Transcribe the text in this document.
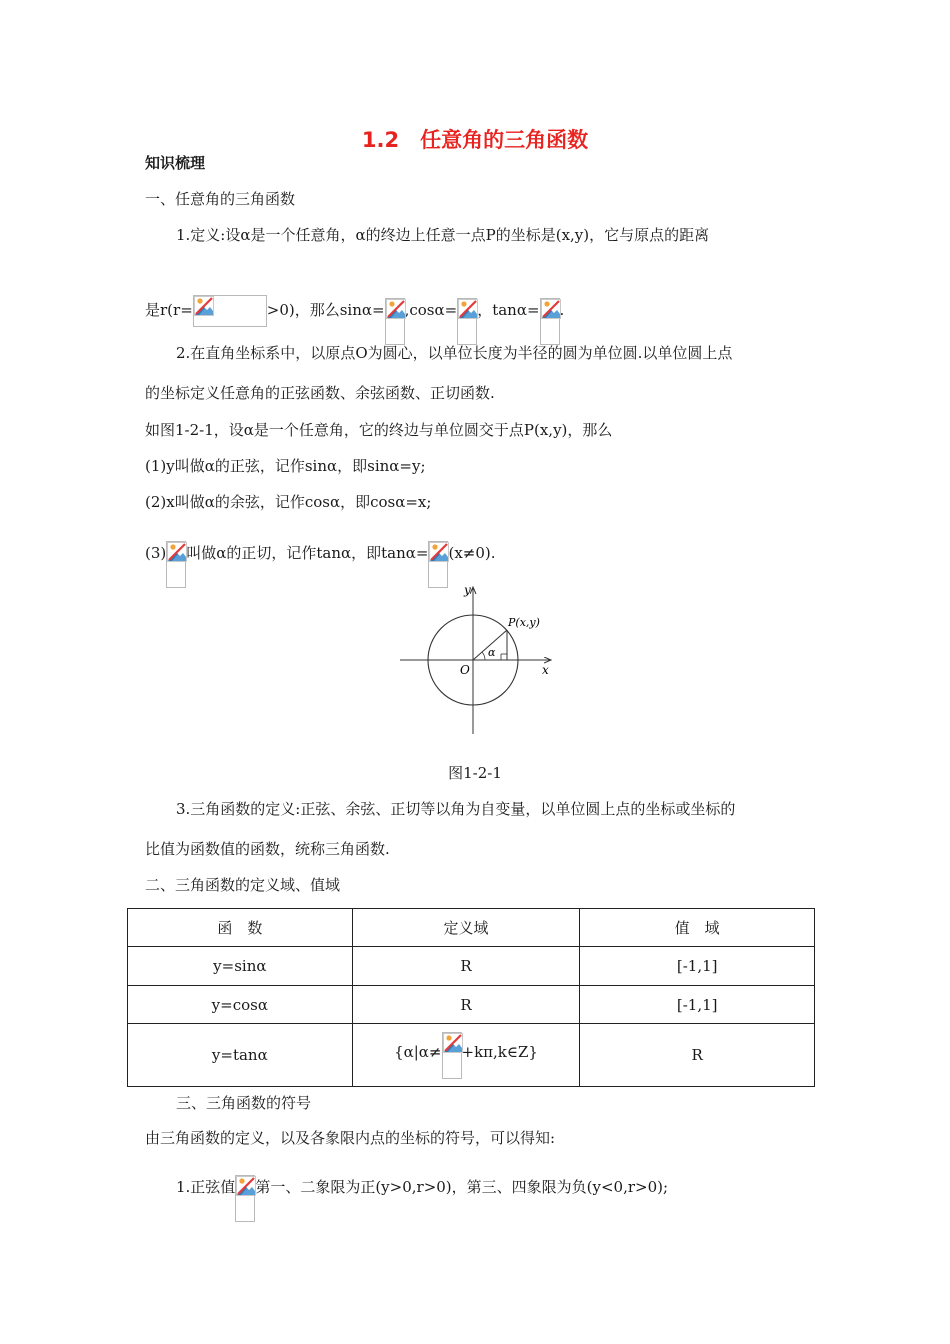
1.2　任意角的三角函数
知识梳理
一、任意角的三角函数
1.定义:设α是一个任意角，α的终边上任意一点P的坐标是(x,y)，它与原点的距离
是r(r=	>0)，那么sinα= ,cosα= ，tanα= .
2.在直角坐标系中，以原点O为圆心，以单位长度为半径的圆为单位圆.以单位圆上点
的坐标定义任意角的正弦函数、余弦函数、正切函数.
如图1-2-1，设α是一个任意角，它的终边与单位圆交于点P(x,y)，那么
(1)y叫做α的正弦，记作sinα，即sinα=y;
(2)x叫做α的余弦，记作cosα，即cosα=x;
(3) 叫做α的正切，记作tanα，即tanα= (x≠0).
y
x
O
P(x,y)
α
图1-2-1
3.三角函数的定义:正弦、余弦、正切等以角为自变量，以单位圆上点的坐标或坐标的
比值为函数值的函数，统称三角函数.
二、三角函数的定义域、值域
函　数	定义域	值　域
y=sinα	R	[-1,1]
y=cosα	R	[-1,1]
y=tanα	{α|α≠ +kπ,k∈Z}	R
三、三角函数的符号
由三角函数的定义，以及各象限内点的坐标的符号，可以得知:
1.正弦值 第一、二象限为正(y>0,r>0)，第三、四象限为负(y<0,r>0);
